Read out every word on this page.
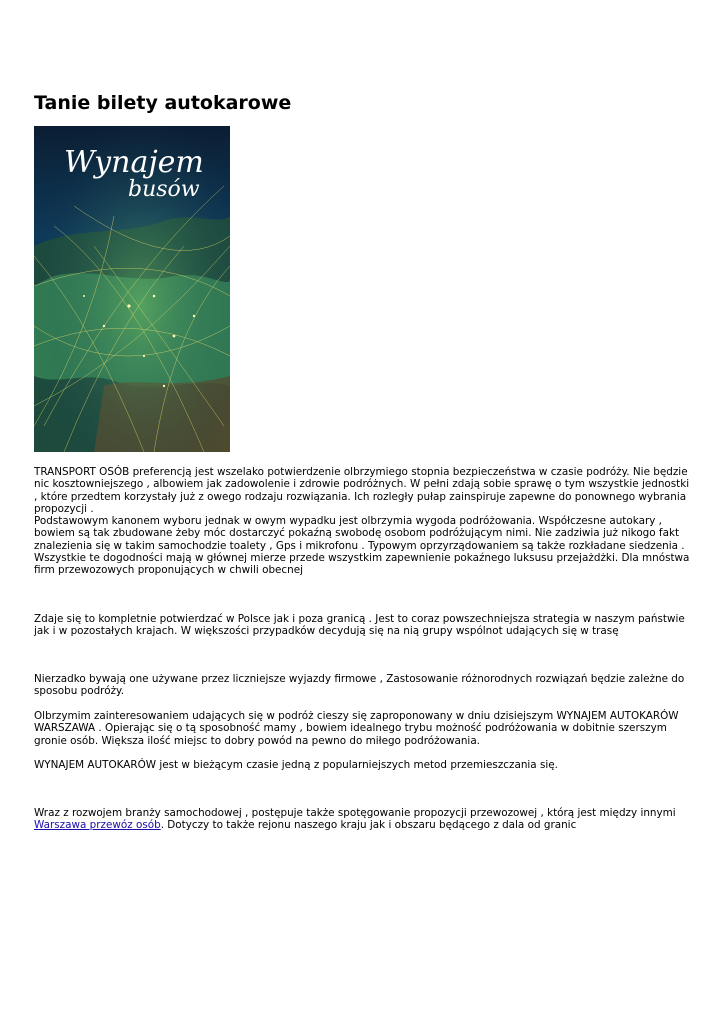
Tanie bilety autokarowe
Wynajem
busów

TRANSPORT OSÓB preferencją jest wszelako potwierdzenie olbrzymiego stopnia bezpieczeństwa w czasie podróży. Nie będzie nic kosztowniejszego , albowiem jak zadowolenie i zdrowie podróżnych. W pełni zdają sobie sprawę o tym wszystkie jednostki , które przedtem korzystały już z owego rodzaju rozwiązania. Ich rozległy pułap zainspiruje zapewne do ponownego wybrania propozycji .

Podstawowym kanonem wyboru jednak w owym wypadku jest olbrzymia wygoda podróżowania. Współczesne autokary , bowiem są tak zbudowane żeby móc dostarczyć pokaźną swobodę osobom podróżującym nimi. Nie zadziwia już nikogo fakt znalezienia się w takim samochodzie toalety , Gps i mikrofonu . Typowym oprzyrządowaniem są także rozkładane siedzenia . Wszystkie te dogodności mają w głównej mierze przede wszystkim zapewnienie pokaźnego luksusu przejażdżki. Dla mnóstwa firm przewozowych proponujących w chwili obecnej

Zdaje się to kompletnie potwierdzać w Polsce jak i poza granicą . Jest to coraz powszechniejsza strategia w naszym państwie jak i w pozostałych krajach. W większości przypadków decydują się na nią grupy wspólnot udających się w trasę

Nierzadko bywają one używane przez liczniejsze wyjazdy firmowe , Zastosowanie różnorodnych rozwiązań będzie zależne do sposobu podróży.

Olbrzymim zainteresowaniem udających się w podróż cieszy się zaproponowany w dniu dzisiejszym WYNAJEM AUTOKARÓW WARSZAWA . Opierając się o tą sposobność mamy , bowiem idealnego trybu możność podróżowania w dobitnie szerszym gronie osób. Większa ilość miejsc to dobry powód na pewno do miłego podróżowania.

WYNAJEM AUTOKARÓW jest w bieżącym czasie jedną z popularniejszych metod przemieszczania się.

Wraz z rozwojem branży samochodowej , postępuje także spotęgowanie propozycji przewozowej , którą jest między innymi Warszawa przewóz osób. Dotyczy to także rejonu naszego kraju jak i obszaru będącego z dala od granic
